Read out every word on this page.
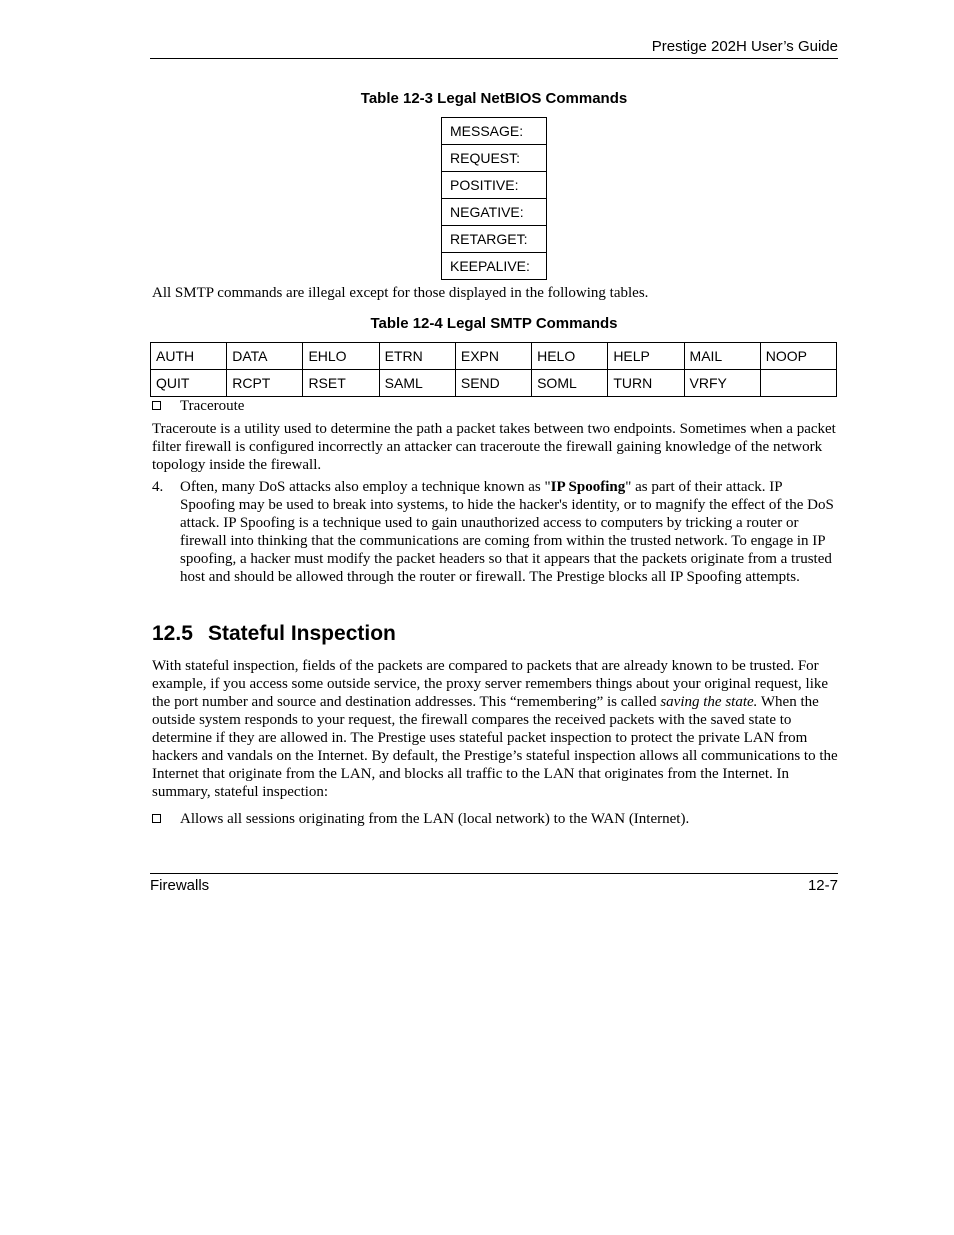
Prestige 202H User’s Guide
Table 12-3 Legal NetBIOS Commands
MESSAGE:
REQUEST:
POSITIVE:
NEGATIVE:
RETARGET:
KEEPALIVE:
All SMTP commands are illegal except for those displayed in the following tables.
Table 12-4 Legal SMTP Commands
AUTH	DATA	EHLO	ETRN	EXPN	HELO	HELP	MAIL	NOOP
QUIT	RCPT	RSET	SAML	SEND	SOML	TURN	VRFY	
Traceroute
Traceroute is a utility used to determine the path a packet takes between two endpoints. Sometimes when a packet filter firewall is configured incorrectly an attacker can traceroute the firewall gaining knowledge of the network topology inside the firewall.
4. Often, many DoS attacks also employ a technique known as "IP Spoofing" as part of their attack. IP Spoofing may be used to break into systems, to hide the hacker's identity, or to magnify the effect of the DoS attack. IP Spoofing is a technique used to gain unauthorized access to computers by tricking a router or firewall into thinking that the communications are coming from within the trusted network. To engage in IP spoofing, a hacker must modify the packet headers so that it appears that the packets originate from a trusted host and should be allowed through the router or firewall. The Prestige blocks all IP Spoofing attempts.
12.5 Stateful Inspection
With stateful inspection, fields of the packets are compared to packets that are already known to be trusted. For example, if you access some outside service, the proxy server remembers things about your original request, like the port number and source and destination addresses. This “remembering” is called saving the state. When the outside system responds to your request, the firewall compares the received packets with the saved state to determine if they are allowed in. The Prestige uses stateful packet inspection to protect the private LAN from hackers and vandals on the Internet. By default, the Prestige’s stateful inspection allows all communications to the Internet that originate from the LAN, and blocks all traffic to the LAN that originates from the Internet. In summary, stateful inspection:
Allows all sessions originating from the LAN (local network) to the WAN (Internet).
Firewalls	12-7
